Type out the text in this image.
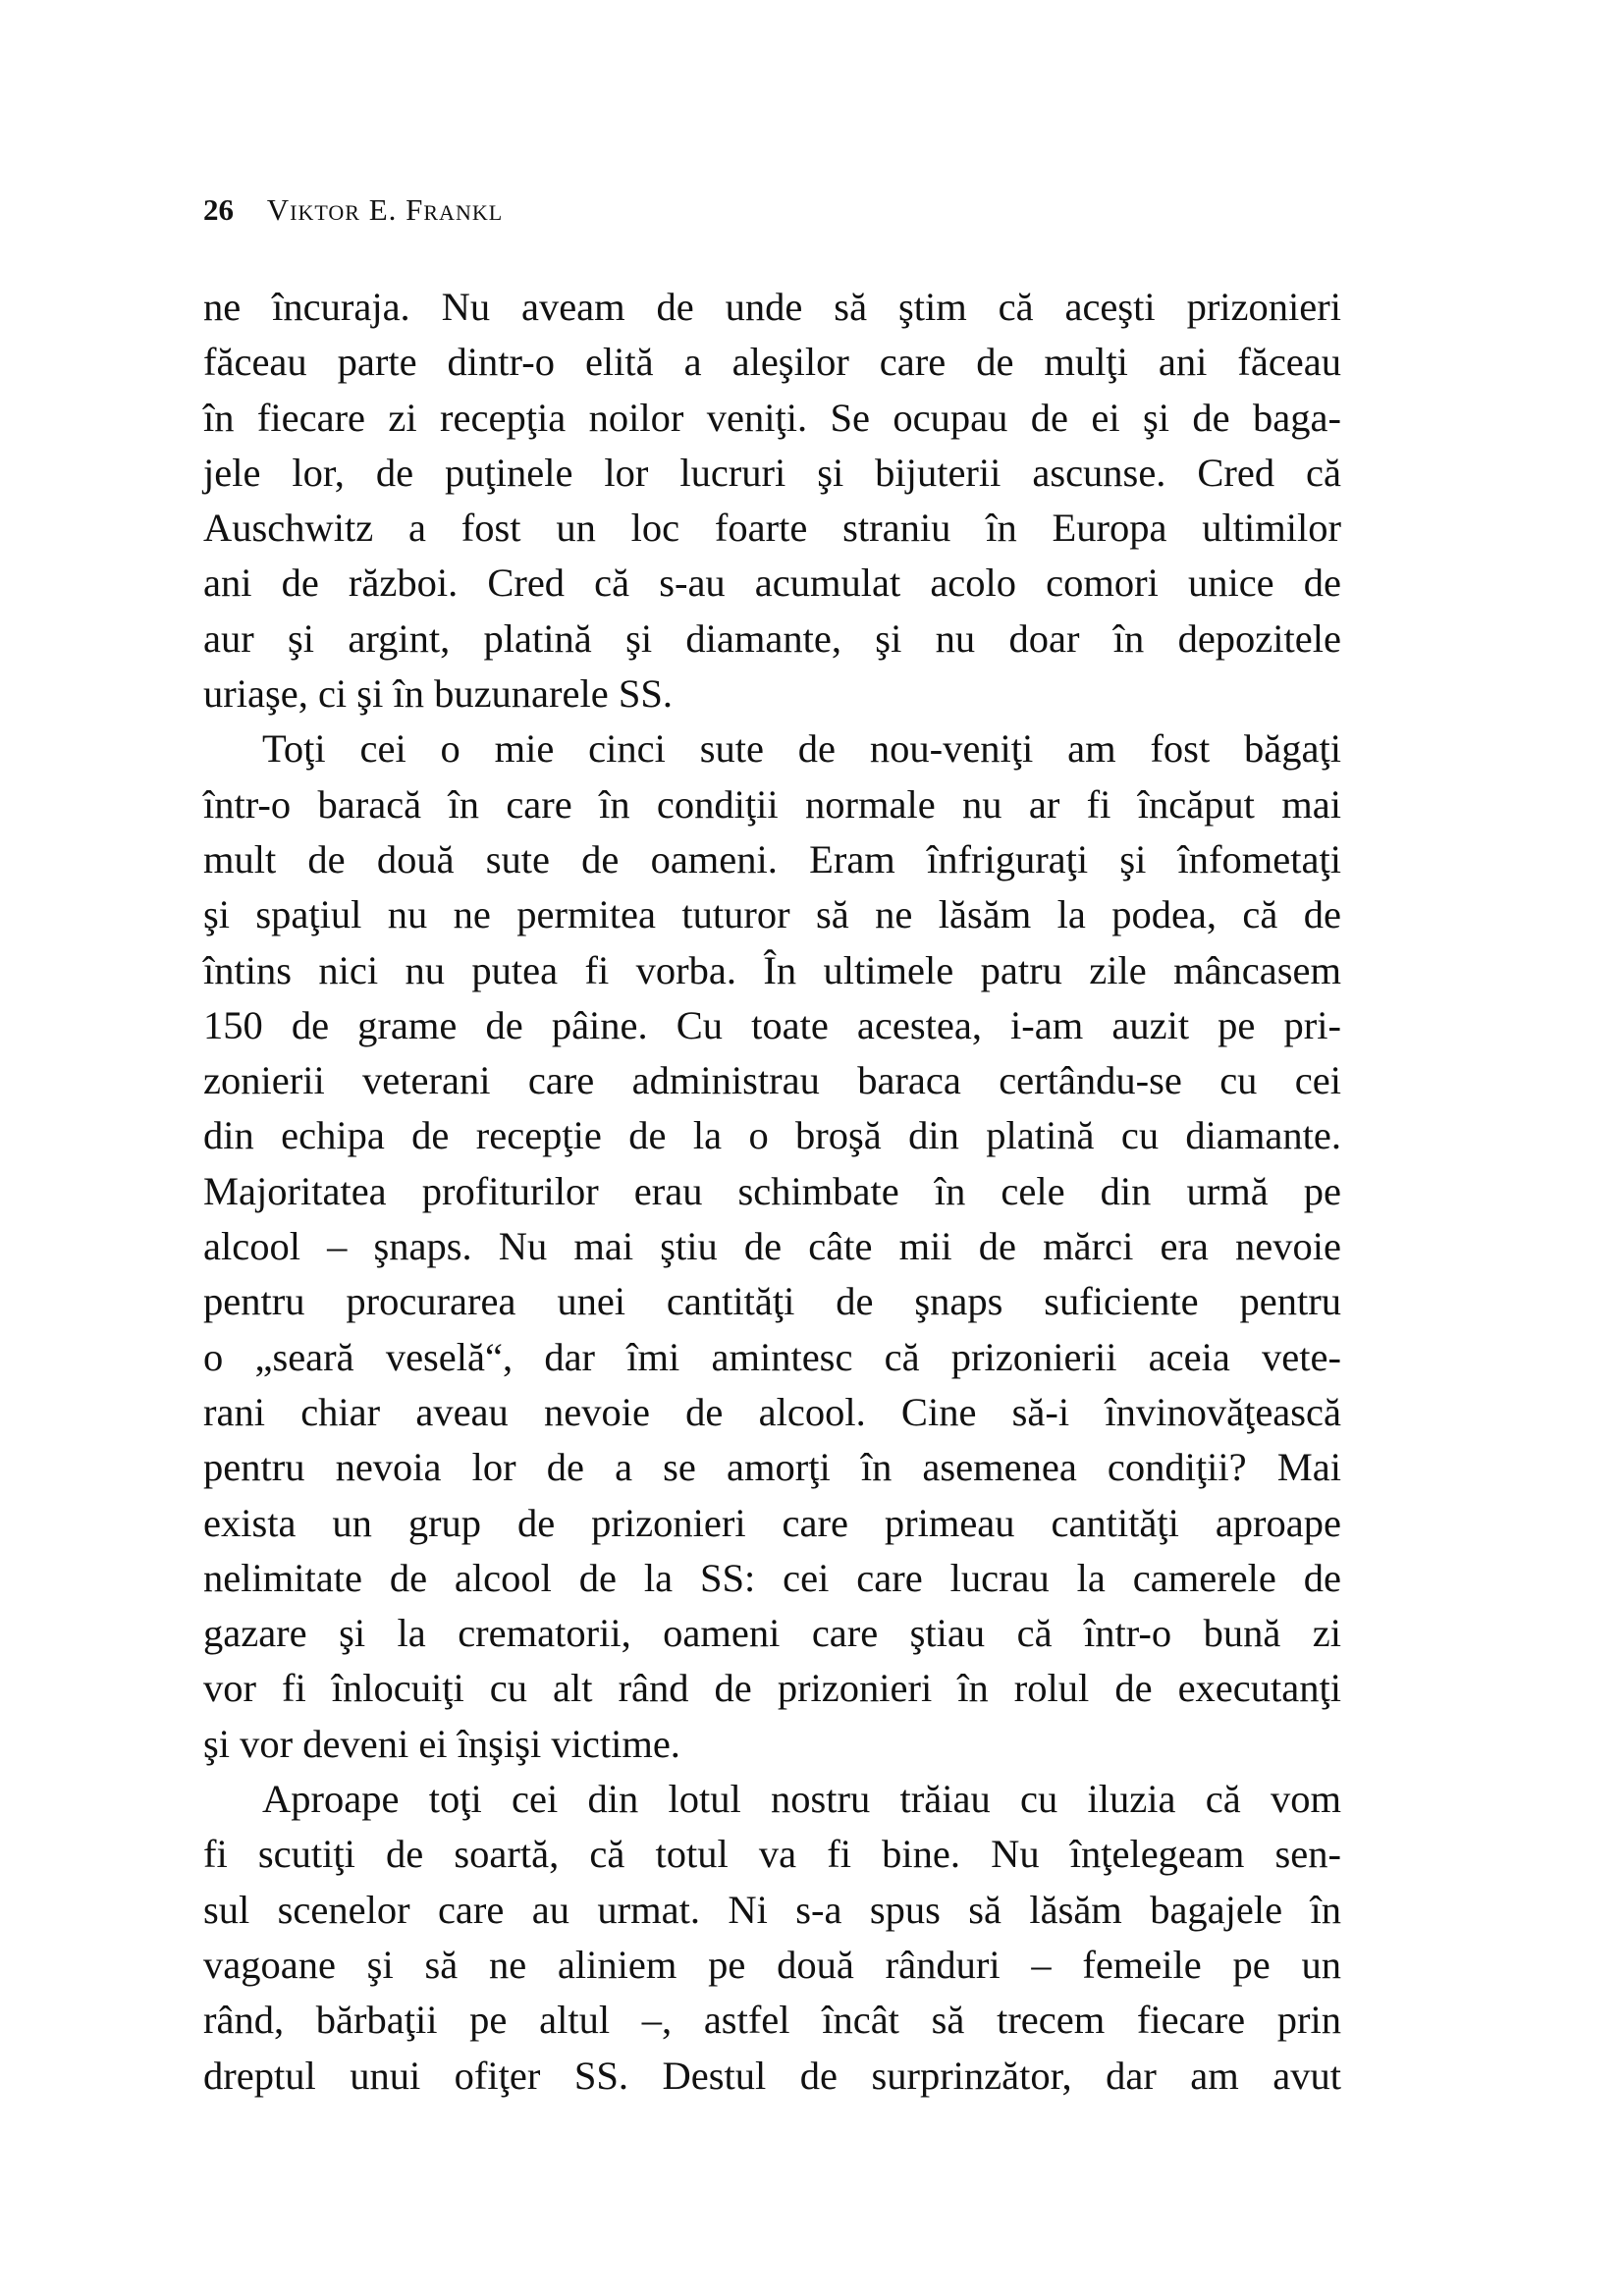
26 Viktor E. Frankl
ne încuraja. Nu aveam de unde să ştim că aceşti prizonieri
făceau parte dintr-o elită a aleşilor care de mulţi ani făceau
în fiecare zi recepţia noilor veniţi. Se ocupau de ei şi de baga-
jele lor, de puţinele lor lucruri şi bijuterii ascunse. Cred că
Auschwitz a fost un loc foarte straniu în Europa ultimilor
ani de război. Cred că s-au acumulat acolo comori unice de
aur şi argint, platină şi diamante, şi nu doar în depozitele
uriaşe, ci şi în buzunarele SS.
Toţi cei o mie cinci sute de nou-veniţi am fost băgaţi
într-o baracă în care în condiţii normale nu ar fi încăput mai
mult de două sute de oameni. Eram înfriguraţi şi înfometaţi
şi spaţiul nu ne permitea tuturor să ne lăsăm la podea, că de
întins nici nu putea fi vorba. În ultimele patru zile mâncasem
150 de grame de pâine. Cu toate acestea, i-am auzit pe pri-
zonierii veterani care administrau baraca certându-se cu cei
din echipa de recepţie de la o broşă din platină cu diamante.
Majoritatea profiturilor erau schimbate în cele din urmă pe
alcool – şnaps. Nu mai ştiu de câte mii de mărci era nevoie
pentru procurarea unei cantităţi de şnaps suficiente pentru
o „seară veselă“, dar îmi amintesc că prizonierii aceia vete-
rani chiar aveau nevoie de alcool. Cine să-i învinovăţească
pentru nevoia lor de a se amorţi în asemenea condiţii? Mai
exista un grup de prizonieri care primeau cantităţi aproape
nelimitate de alcool de la SS: cei care lucrau la camerele de
gazare şi la crematorii, oameni care ştiau că într-o bună zi
vor fi înlocuiţi cu alt rând de prizonieri în rolul de executanţi
şi vor deveni ei înşişi victime.
Aproape toţi cei din lotul nostru trăiau cu iluzia că vom
fi scutiţi de soartă, că totul va fi bine. Nu înţelegeam sen-
sul scenelor care au urmat. Ni s-a spus să lăsăm bagajele în
vagoane şi să ne aliniem pe două rânduri – femeile pe un
rând, bărbaţii pe altul –, astfel încât să trecem fiecare prin
dreptul unui ofiţer SS. Destul de surprinzător, dar am avut
